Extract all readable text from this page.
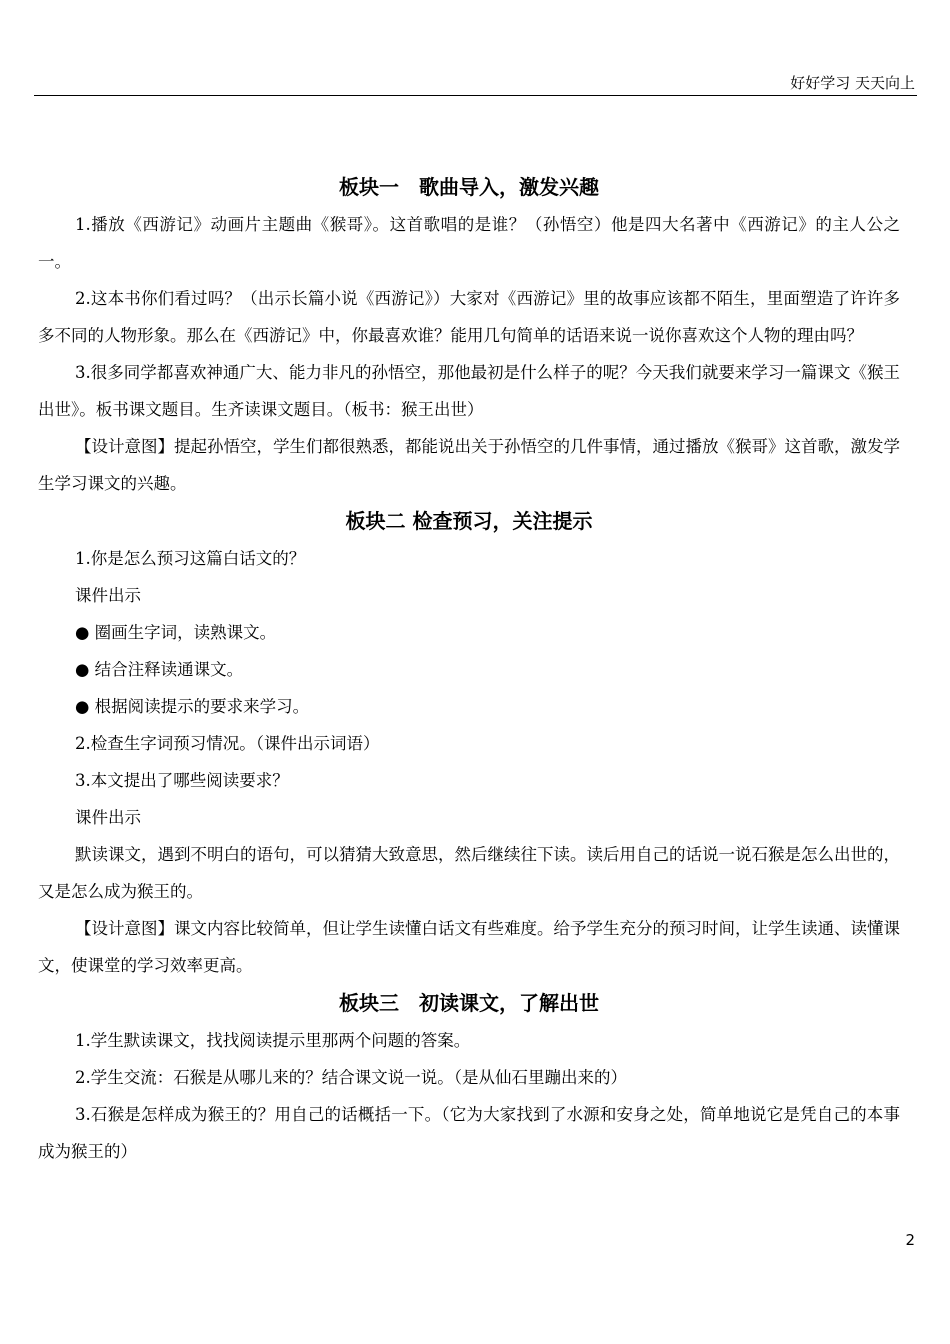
好好学习 天天向上
板块一　歌曲导入，激发兴趣

1.播放《西游记》动画片主题曲《猴哥》。这首歌唱的是谁？（孙悟空）他是四大名著中《西游记》的主人公之一。

2.这本书你们看过吗？（出示长篇小说《西游记》）大家对《西游记》里的故事应该都不陌生，里面塑造了许许多多不同的人物形象。那么在《西游记》中，你最喜欢谁？能用几句简单的话语来说一说你喜欢这个人物的理由吗？

3.很多同学都喜欢神通广大、能力非凡的孙悟空，那他最初是什么样子的呢？今天我们就要来学习一篇课文《猴王出世》。板书课文题目。生齐读课文题目。（板书：猴王出世）

【设计意图】提起孙悟空，学生们都很熟悉，都能说出关于孙悟空的几件事情，通过播放《猴哥》这首歌，激发学生学习课文的兴趣。

板块二 检查预习，关注提示

1.你是怎么预习这篇白话文的？

课件出示

● 圈画生字词，读熟课文。

● 结合注释读通课文。

● 根据阅读提示的要求来学习。

2.检查生字词预习情况。（课件出示词语）

3.本文提出了哪些阅读要求？

课件出示

默读课文，遇到不明白的语句，可以猜猜大致意思，然后继续往下读。读后用自己的话说一说石猴是怎么出世的，又是怎么成为猴王的。

【设计意图】课文内容比较简单，但让学生读懂白话文有些难度。给予学生充分的预习时间，让学生读通、读懂课文，使课堂的学习效率更高。

板块三　初读课文，了解出世

1.学生默读课文，找找阅读提示里那两个问题的答案。

2.学生交流：石猴是从哪儿来的？结合课文说一说。（是从仙石里蹦出来的）

3.石猴是怎样成为猴王的？用自己的话概括一下。（它为大家找到了水源和安身之处，简单地说它是凭自己的本事成为猴王的）

2
